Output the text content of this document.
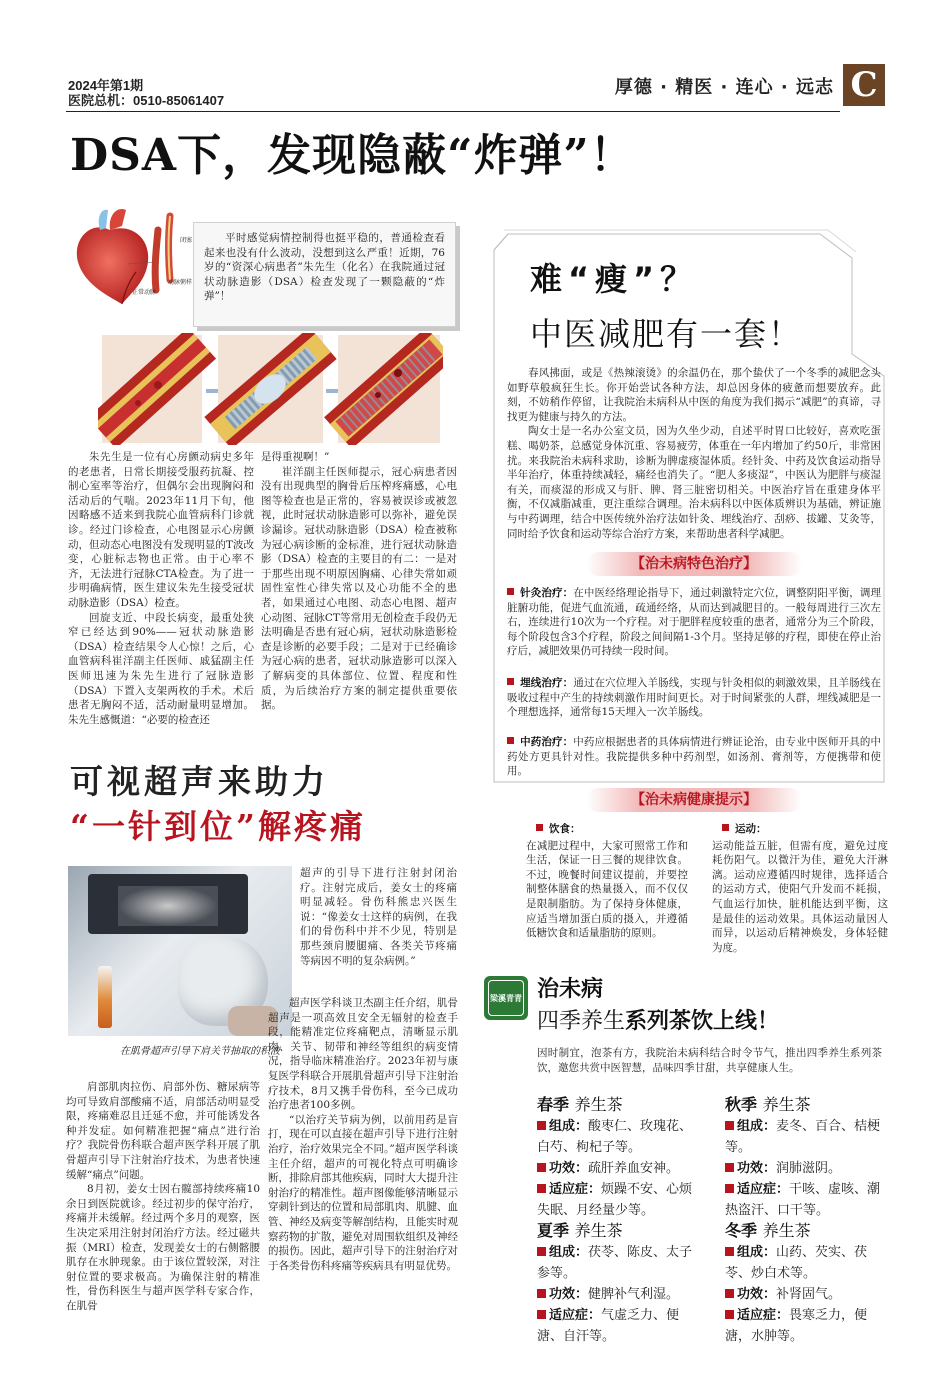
2024年第1期
医院总机：0510-85061407
厚德 · 精医 · 连心 · 远志 C
DSA下，发现隐蔽“炸弹”！
闭塞
动脉粥样
正常动脉

平时感觉病情控制得也挺平稳的，普通检查看起来也没有什么波动，没想到这么严重！近期，76岁的“资深心病患者”朱先生（化名）在我院通过冠状动脉造影（DSA）检查发现了一颗隐蔽的“炸弹”！

朱先生是一位有心房颤动病史多年的老患者，日常长期接受服药抗凝、控制心室率等治疗，但偶尔会出现胸闷和活动后的气喘。2023年11月下旬，他因略感不适来到我院心血管病科门诊就诊。经过门诊检查，心电图显示心房颤动，但动态心电图没有发现明显的T波改变，心脏标志物也正常。由于心率不齐，无法进行冠脉CTA检查。为了进一步明确病情，医生建议朱先生接受冠状动脉造影（DSA）检查。

回旋支近、中段长病变，最重处狭窄已经达到90%——冠状动脉造影（DSA）检查结果令人心惊！之后，心血管病科崔洋副主任医师、戚猛副主任医师迅速为朱先生进行了冠脉造影（DSA）下置入支架两枚的手术。术后患者无胸闷不适，活动耐量明显增加。朱先生感慨道：“必要的检查还

是得重视啊！”

崔洋副主任医师提示，冠心病患者因没有出现典型的胸骨后压榨疼痛感，心电图等检查也是正常的，容易被误诊或被忽视，此时冠状动脉造影可以弥补，避免误诊漏诊。冠状动脉造影（DSA）检查被称为冠心病诊断的金标准，进行冠状动脉造影（DSA）检查的主要目的有二：一是对于那些出现不明原因胸痛、心律失常如顽固性室性心律失常以及心功能不全的患者，如果通过心电图、动态心电图、超声心动图、冠脉CT等常用无创检查手段仍无法明确是否患有冠心病，冠状动脉造影检查是诊断的必要手段；二是对于已经确诊为冠心病的患者，冠状动脉造影可以深入了解病变的具体部位、位置、程度和性质，为后续治疗方案的制定提供重要依据。

可视超声来助力
“一针到位”解疼痛
在肌骨超声引导下肩关节抽取的积液

超声的引导下进行注射封闭治疗。注射完成后，姜女士的疼痛明显减轻。骨伤科熊忠兴医生说：“像姜女士这样的病例，在我们的骨伤科中并不少见，特别是那些颈肩腰腿痛、各类关节疼痛等病因不明的复杂病例。”

肩部肌肉拉伤、肩部外伤、糖尿病等均可导致肩部酸痛不适，肩部活动明显受限，疼痛难忍且迁延不愈，并可能诱发各种并发症。如何精准把握“痛点”进行治疗？我院骨伤科联合超声医学科开展了肌骨超声引导下注射治疗技术，为患者快速缓解“痛点”问题。

8月初，姜女士因右髋部持续疼痛10余日到医院就诊。经过初步的保守治疗，疼痛并未缓解。经过两个多月的观察，医生决定采用注射封闭治疗方法。经过磁共振（MRI）检查，发现姜女士的右侧髂腰肌存在水肿现象。由于该位置较深，对注射位置的要求极高。为确保注射的精准性，骨伤科医生与超声医学科专家合作，在肌骨

超声医学科谈卫杰副主任介绍，肌骨超声是一项高效且安全无辐射的检查手段，能精准定位疼痛靶点，清晰显示肌肉、关节、韧带和神经等组织的病变情况，指导临床精准治疗。2023年初与康复医学科联合开展肌骨超声引导下注射治疗技术，8月又携手骨伤科，至今已成功治疗患者100多例。

“以治疗关节病为例，以前用药是盲打，现在可以直接在超声引导下进行注射治疗，治疗效果完全不同。”超声医学科谈主任介绍，超声的可视化特点可明确诊断，排除肩部其他疾病，同时大大提升注射治疗的精准性。超声图像能够清晰显示穿刺针到达的位置和局部肌肉、肌腱、血管、神经及病变等解剖结构，且能实时观察药物的扩散，避免对周围软组织及神经的损伤。因此，超声引导下的注射治疗对于各类骨伤科疼痛等疾病具有明显优势。

难“瘦”？
中医减肥有一套！

春风拂面，或是《热辣滚烫》的余温仍在，那个蛰伏了一个冬季的减肥念头如野草般疯狂生长。你开始尝试各种方法，却总因身体的疲惫而想要放弃。此刻，不妨稍作停留，让我院治未病科从中医的角度为我们揭示“减肥”的真谛，寻找更为健康与持久的方法。

陶女士是一名办公室文员，因为久坐少动，自述平时胃口比较好，喜欢吃蛋糕、喝奶茶，总感觉身体沉重、容易疲劳，体重在一年内增加了约50斤，非常困扰。来我院治未病科求助，诊断为脾虚痰湿体质。经针灸、中药及饮食运动指导半年治疗，体重持续减轻，痛经也消失了。“肥人多痰湿”，中医认为肥胖与痰湿有关，而痰湿的形成又与肝、脾、肾三脏密切相关。中医治疗旨在重建身体平衡，不仅减脂减重，更注重综合调理。治未病科以中医体质辨识为基础，辨证施与中药调理，结合中医传统外治疗法如针灸、埋线治疗、刮痧、拔罐、艾灸等，同时给予饮食和运动等综合治疗方案，来帮助患者科学减肥。

【治未病特色治疗】

针灸治疗：在中医经络理论指导下，通过刺激特定穴位，调整阴阳平衡，调理脏腑功能，促进气血流通，疏通经络，从而达到减肥目的。一般每周进行三次左右，连续进行10次为一个疗程。对于肥胖程度较重的患者，通常分为三个阶段，每个阶段包含3个疗程，阶段之间间隔1-3个月。坚持足够的疗程，即使在停止治疗后，减肥效果仍可持续一段时间。

埋线治疗：通过在穴位埋入羊肠线，实现与针灸相似的刺激效果，且羊肠线在吸收过程中产生的持续刺激作用时间更长。对于时间紧张的人群，埋线减肥是一个理想选择，通常每15天埋入一次羊肠线。

中药治疗：中药应根据患者的具体病情进行辨证论治，由专业中医师开具的中药处方更具针对性。我院提供多种中药剂型，如汤剂、膏剂等，方便携带和使用。

【治未病健康提示】

饮食：

在减肥过程中，大家可照常工作和生活，保证一日三餐的规律饮食。不过，晚餐时间建议提前，并要控制整体膳食的热量摄入，而不仅仅是限制脂肪。为了保持身体健康，应适当增加蛋白质的摄入，并遵循低糖饮食和适量脂肪的原则。

运动：

运动能益五脏，但需有度，避免过度耗伤阳气。以微汗为佳，避免大汗淋漓。运动应遵循四时规律，选择适合的运动方式，使阳气升发而不耗损，气血运行加快，脏机能达到平衡，这是最佳的运动效果。具体运动量因人而异，以运动后精神焕发，身体轻健为度。

梁溪青青 治未病
四季养生系列茶饮上线！

因时制宜，泡茶有方，我院治未病科结合时令节气，推出四季养生系列茶饮，邀您共赏中医智慧，品味四季甘甜，共享健康人生。

春季 养生茶
组成：酸枣仁、玫瑰花、白芍、枸杞子等。
功效：疏肝养血安神。
适应症：烦躁不安、心烦失眠、月经量少等。
秋季 养生茶
组成：麦冬、百合、桔梗等。
功效：润肺滋阴。
适应症：干咳、虚咳、潮热盗汗、口干等。
夏季 养生茶
组成：茯苓、陈皮、太子参等。
功效：健脾补气利湿。
适应症：气虚乏力、便溏、自汗等。
冬季 养生茶
组成：山药、芡实、茯苓、炒白术等。
功效：补肾固气。
适应症：畏寒乏力，便溏，水肿等。
